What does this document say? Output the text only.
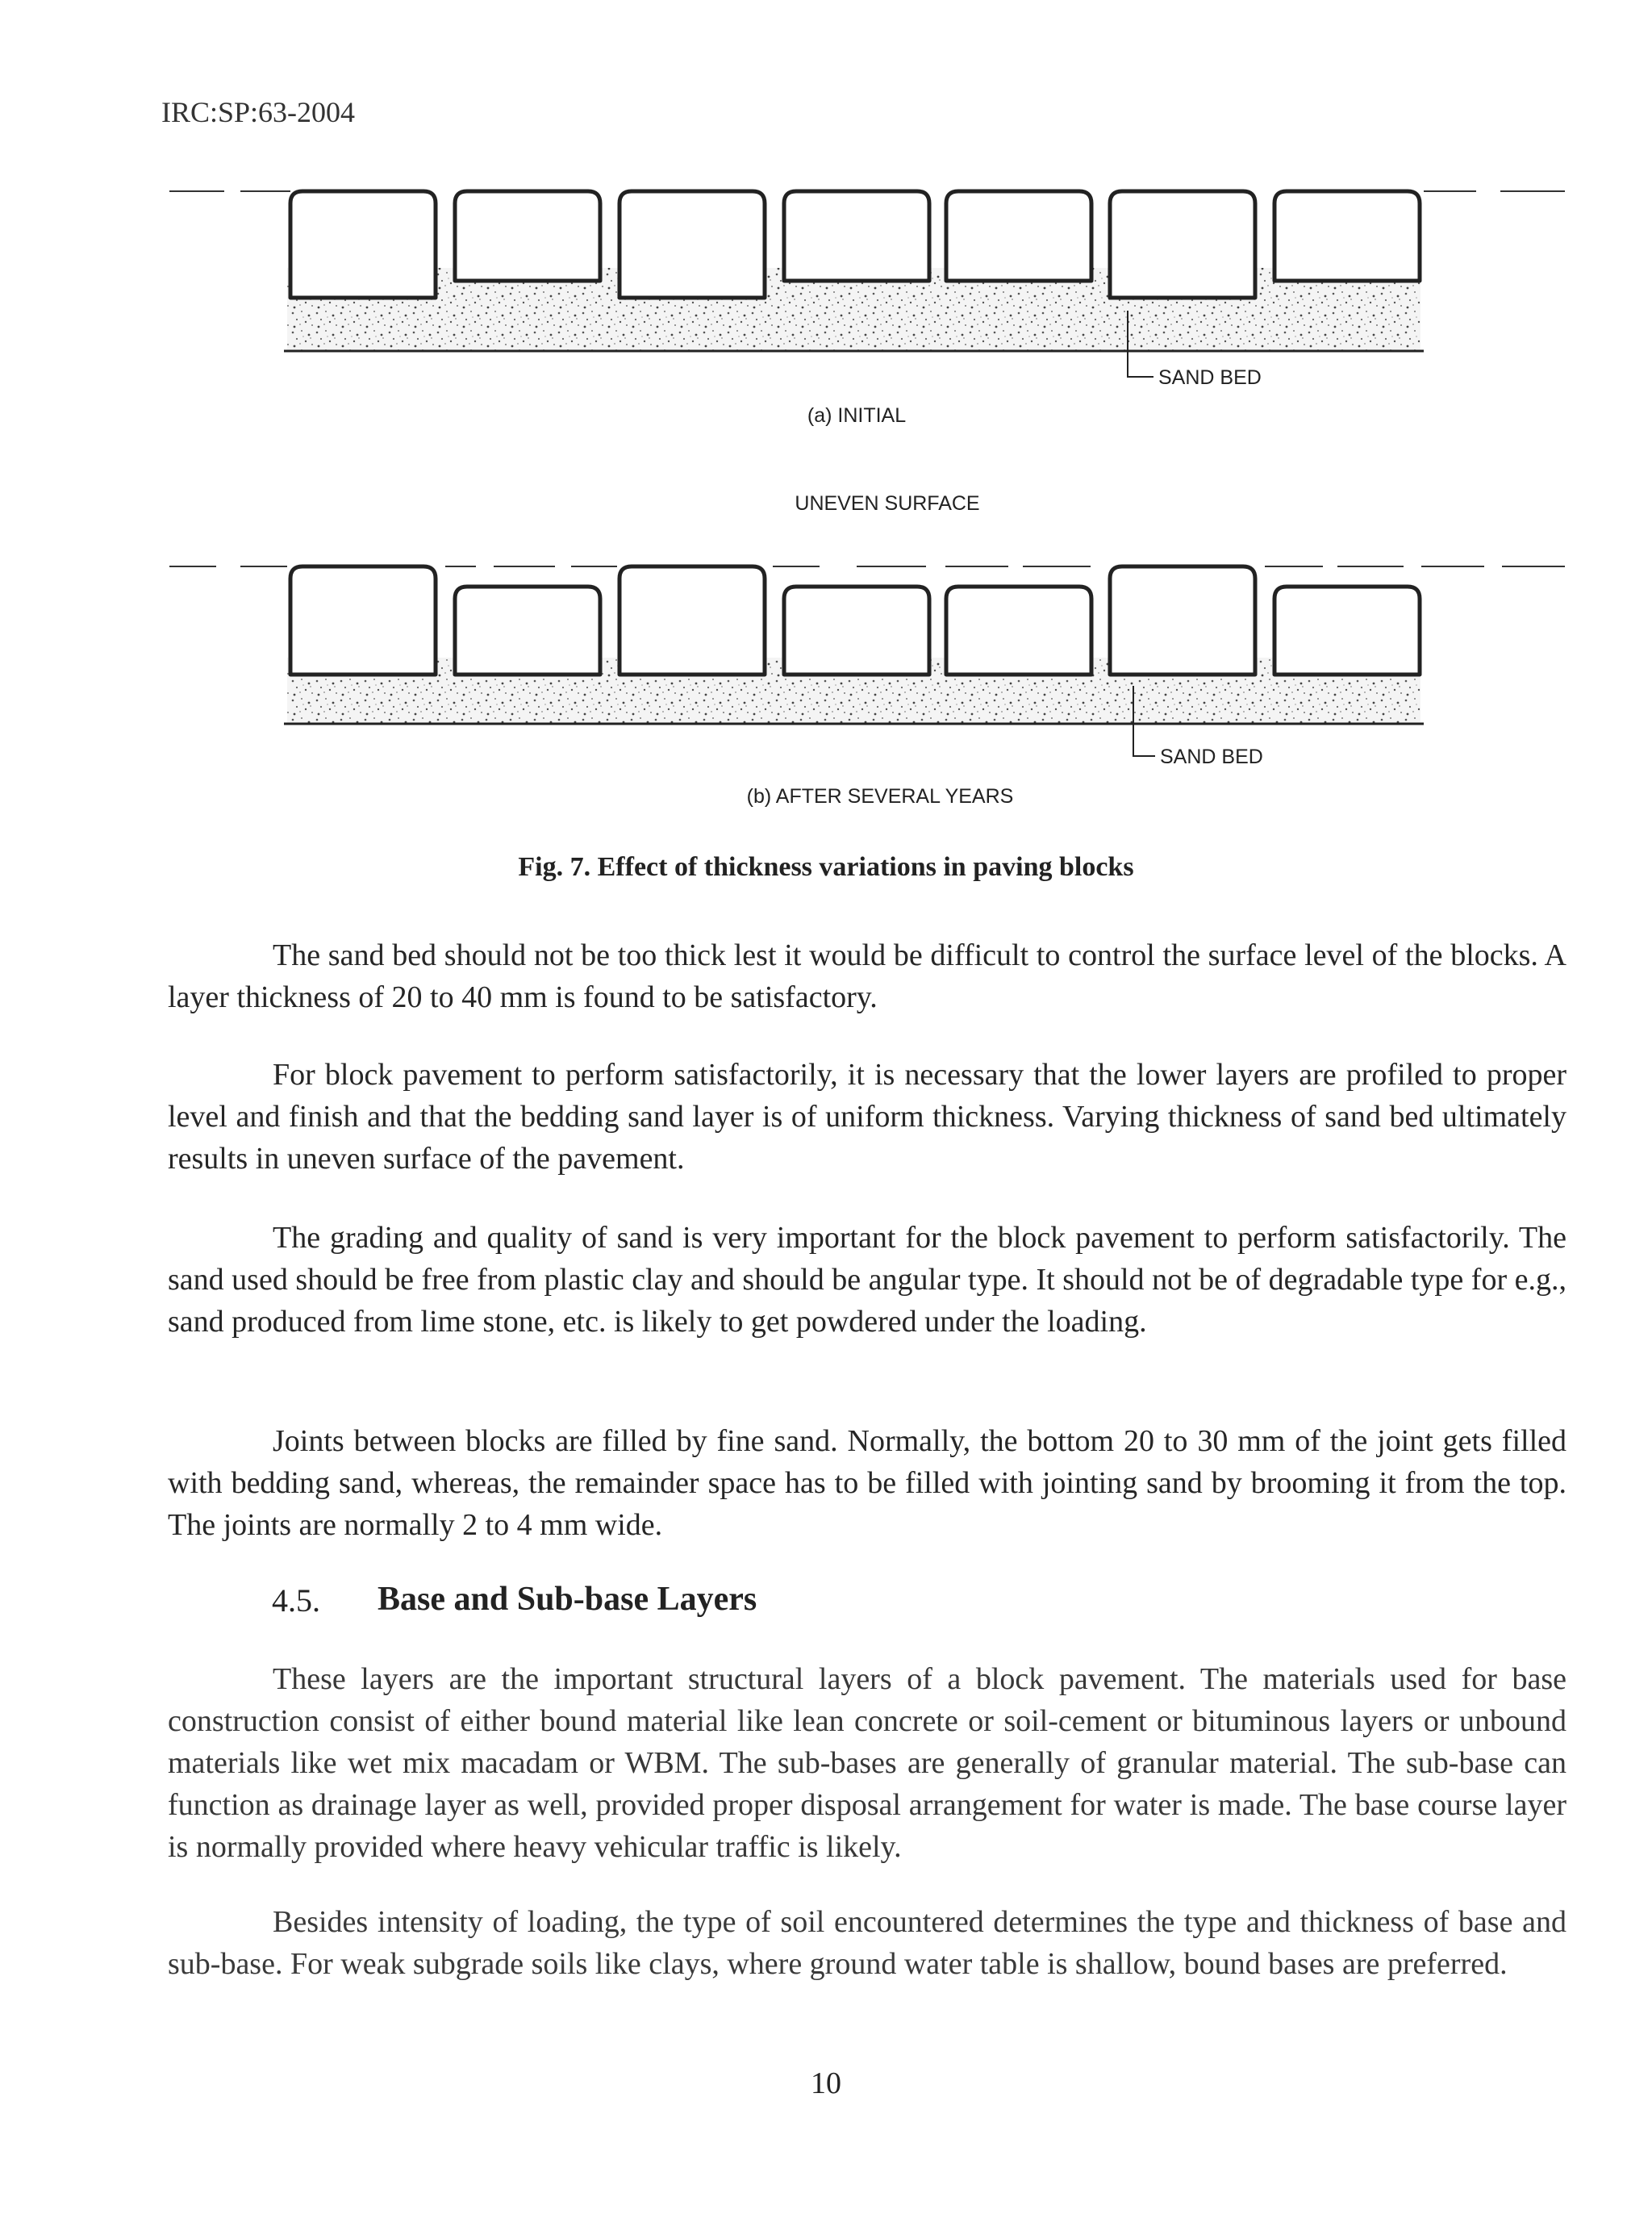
IRC:SP:63-2004
SAND BED
(a) INITIAL
UNEVEN SURFACE
SAND BED
(b) AFTER SEVERAL YEARS
Fig. 7. Effect of thickness variations in paving blocks

The sand bed should not be too thick lest it would be difficult to control the surface level of the blocks. A layer thickness of 20 to 40 mm is found to be satisfactory.

For block pavement to perform satisfactorily, it is necessary that the lower layers are profiled to proper level and finish and that the bedding sand layer is of uniform thickness. Varying thickness of sand bed ultimately results in uneven surface of the pavement.

The grading and quality of sand is very important for the block pavement to perform satisfactorily. The sand used should be free from plastic clay and should be angular type. It should not be of degradable type for e.g., sand produced from lime stone, etc. is likely to get powdered under the loading.

Joints between blocks are filled by fine sand. Normally, the bottom 20 to 30 mm of the joint gets filled with bedding sand, whereas, the remainder space has to be filled with jointing sand by brooming it from the top. The joints are normally 2 to 4 mm wide.

4.5. Base and Sub-base Layers

These layers are the important structural layers of a block pavement. The materials used for base construction consist of either bound material like lean concrete or soil-cement or bituminous layers or unbound materials like wet mix macadam or WBM. The sub-bases are generally of granular material. The sub-base can function as drainage layer as well, provided proper disposal arrangement for water is made. The base course layer is normally provided where heavy vehicular traffic is likely.

Besides intensity of loading, the type of soil encountered determines the type and thickness of base and sub-base. For weak subgrade soils like clays, where ground water table is shallow, bound bases are preferred.

10
